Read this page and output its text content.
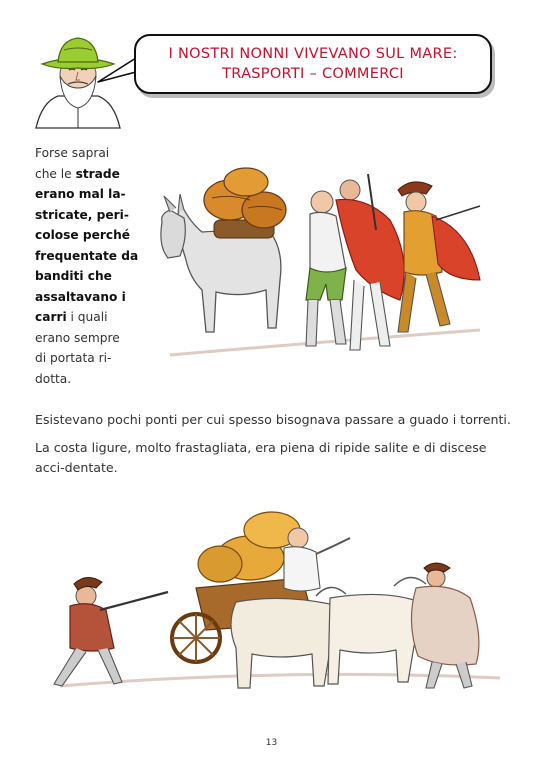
I NOSTRI NONNI VIVEVANO SUL MARE:
TRASPORTI – COMMERCI
Forse saprai
che le strade
erano mal la-
stricate, peri-
colose perché
frequentate da
banditi che
assaltavano i
carri i quali
erano sempre
di portata ri-
dotta.
Esistevano pochi ponti per cui spesso bisognava passare a guado i torrenti.
La costa ligure, molto frastagliata, era piena di ripide salite e di discese acci-dentate.
13
